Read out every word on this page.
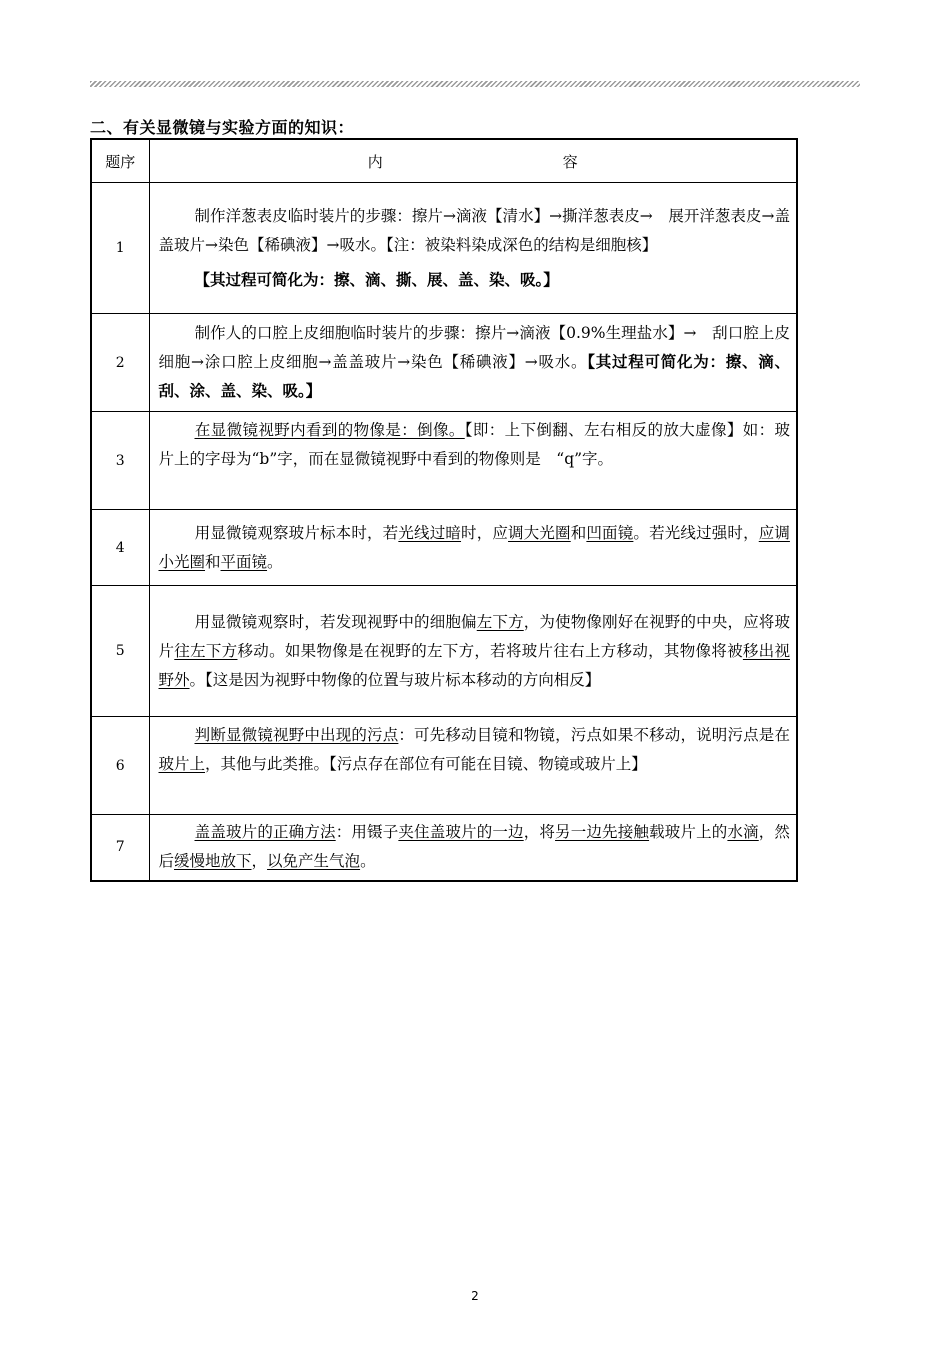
二、有关显微镜与实验方面的知识：
题序	内 容
1	制作洋葱表皮临时装片的步骤：擦片→滴液【清水】→撕洋葱表皮→　展开洋葱表皮→盖盖玻片→染色【稀碘液】→吸水。【注：被染料染成深色的结构是细胞核】
【其过程可简化为：擦、滴、撕、展、盖、染、吸。】

2	制作人的口腔上皮细胞临时装片的步骤：擦片→滴液【0.9%生理盐水】→　刮口腔上皮细胞→涂口腔上皮细胞→盖盖玻片→染色【稀碘液】→吸水。【其过程可简化为：擦、滴、刮、涂、盖、染、吸。】
3	在显微镜视野内看到的物像是：倒像。【即：上下倒翻、左右相反的放大虚像】如：玻片上的字母为“b”字，而在显微镜视野中看到的物像则是　“q”字。
4	用显微镜观察玻片标本时，若光线过暗时，应调大光圈和凹面镜。若光线过强时，应调小光圈和平面镜。
5	用显微镜观察时，若发现视野中的细胞偏左下方，为使物像刚好在视野的中央，应将玻片往左下方移动。如果物像是在视野的左下方，若将玻片往右上方移动，其物像将被移出视野外。【这是因为视野中物像的位置与玻片标本移动的方向相反】
6	判断显微镜视野中出现的污点：可先移动目镜和物镜，污点如果不移动，说明污点是在玻片上，其他与此类推。【污点存在部位有可能在目镜、物镜或玻片上】
7	盖盖玻片的正确方法：用镊子夹住盖玻片的一边，将另一边先接触载玻片上的水滴，然后缓慢地放下，以免产生气泡。
2
